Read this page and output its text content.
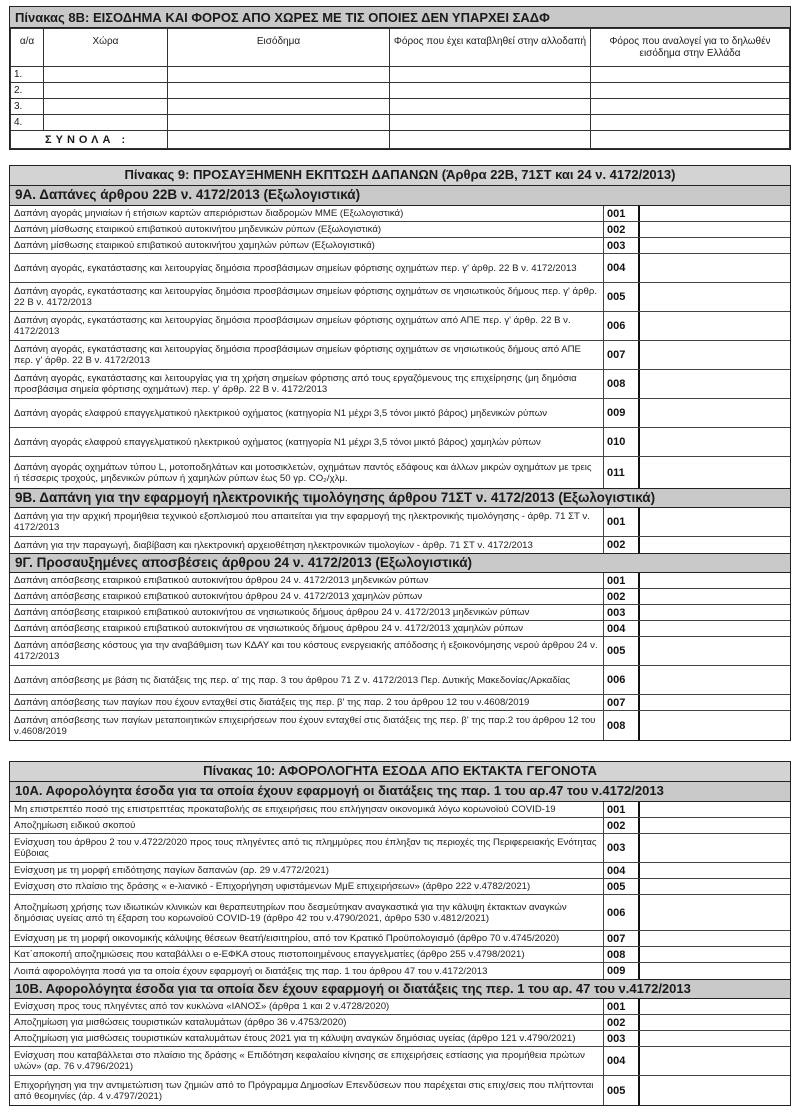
Πίνακας 8Β: ΕΙΣΟΔΗΜΑ ΚΑΙ ΦΟΡΟΣ ΑΠΟ ΧΩΡΕΣ ΜΕ ΤΙΣ ΟΠΟΙΕΣ ΔΕΝ ΥΠΑΡΧΕΙ ΣΑΔΦ
α/α	Χώρα	Εισόδημα	Φόρος που έχει καταβληθεί στην αλλοδαπή	Φόρος που αναλογεί για το δηλωθέν εισόδημα στην Ελλάδα
1.				
2.				
3.				
4.				
ΣΥΝΟΛΑ :				
Πίνακας 9: ΠΡΟΣΑΥΞΗΜΕΝΗ ΕΚΠΤΩΣΗ ΔΑΠΑΝΩΝ (Άρθρα 22Β, 71ΣΤ και 24 ν. 4172/2013)
9Α. Δαπάνες άρθρου 22Β ν. 4172/2013 (Εξωλογιστικά)
Δαπάνη αγοράς μηνιαίων ή ετήσιων καρτών απεριόριστων διαδρομών ΜΜΕ (Εξωλογιστικά)	001
Δαπάνη μίσθωσης εταιρικού επιβατικού αυτοκινήτου μηδενικών ρύπων (Εξωλογιστικά)	002
Δαπάνη μίσθωσης εταιρικού επιβατικού αυτοκινήτου χαμηλών ρύπων (Εξωλογιστικά)	003
Δαπάνη αγοράς, εγκατάστασης και λειτουργίας δημόσια προσβάσιμων σημείων φόρτισης οχημάτων περ. γ' άρθρ. 22 Β ν. 4172/2013	004
Δαπάνη αγοράς, εγκατάστασης και λειτουργίας δημόσια προσβάσιμων σημείων φόρτισης οχημάτων σε νησιωτικούς δήμους περ. γ' άρθρ. 22 Β ν. 4172/2013	005
Δαπάνη αγοράς, εγκατάστασης και λειτουργίας δημόσια προσβάσιμων σημείων φόρτισης οχημάτων από ΑΠΕ περ. γ' άρθρ. 22 Β ν. 4172/2013	006
Δαπάνη αγοράς, εγκατάστασης και λειτουργίας δημόσια προσβάσιμων σημείων φόρτισης οχημάτων σε νησιωτικούς δήμους από ΑΠΕ περ. γ' άρθρ. 22 Β ν. 4172/2013	007
Δαπάνη αγοράς, εγκατάστασης και λειτουργίας για τη χρήση σημείων φόρτισης από τους εργαζόμενους της επιχείρησης (μη δημόσια προσβάσιμα σημεία φόρτισης οχημάτων) περ. γ' άρθρ. 22 Β ν. 4172/2013	008
Δαπάνη αγοράς ελαφρού επαγγελματικού ηλεκτρικού οχήματος (κατηγορία Ν1 μέχρι 3,5 τόνοι μικτό βάρος) μηδενικών ρύπων	009
Δαπάνη αγοράς ελαφρού επαγγελματικού ηλεκτρικού οχήματος (κατηγορία Ν1 μέχρι 3,5 τόνοι μικτό βάρος) χαμηλών ρύπων	010
Δαπάνη αγοράς οχημάτων τύπου L, μοτοποδηλάτων και μοτοσικλετών, οχημάτων παντός εδάφους και άλλων μικρών οχημάτων με τρεις ή τέσσερις τροχούς, μηδενικών ρύπων ή χαμηλών ρύπων έως 50 γρ. CO₂/χλμ.	011
9Β. Δαπάνη για την εφαρμογή ηλεκτρονικής τιμολόγησης άρθρου 71ΣΤ ν. 4172/2013 (Εξωλογιστικά)
Δαπάνη για την αρχική προμήθεια τεχνικού εξοπλισμού που απαιτείται για την εφαρμογή της ηλεκτρονικής τιμολόγησης - άρθρ. 71 ΣΤ ν. 4172/2013	001
Δαπάνη για την παραγωγή, διαβίβαση και ηλεκτρονική αρχειοθέτηση ηλεκτρονικών τιμολογίων - άρθρ. 71 ΣΤ ν. 4172/2013	002
9Γ. Προσαυξημένες αποσβέσεις άρθρου 24 ν. 4172/2013 (Εξωλογιστικά)
Δαπάνη απόσβεσης εταιρικού επιβατικού αυτοκινήτου άρθρου 24 ν. 4172/2013 μηδενικών ρύπων	001
Δαπάνη απόσβεσης εταιρικού επιβατικού αυτοκινήτου άρθρου 24 ν. 4172/2013 χαμηλών ρύπων	002
Δαπάνη απόσβεσης εταιρικού επιβατικού αυτοκινήτου σε νησιωτικούς δήμους άρθρου 24 ν. 4172/2013 μηδενικών ρύπων	003
Δαπάνη απόσβεσης εταιρικού επιβατικού αυτοκινήτου σε νησιωτικούς δήμους άρθρου 24 ν. 4172/2013 χαμηλών ρύπων	004
Δαπάνη απόσβεσης κόστους για την αναβάθμιση των ΚΔΑΥ και του κόστους ενεργειακής απόδοσης ή εξοικονόμησης νερού άρθρου 24 ν. 4172/2013	005
Δαπάνη απόσβεσης με βάση τις διατάξεις της περ. α' της παρ. 3 του άρθρου 71 Ζ ν. 4172/2013 Περ. Δυτικής Μακεδονίας/Αρκαδίας	006
Δαπάνη απόσβεσης των παγίων που έχουν ενταχθεί στις διατάξεις της περ. β' της παρ. 2 του άρθρου 12 του ν.4608/2019	007
Δαπάνη απόσβεσης των παγίων μεταποιητικών επιχειρήσεων που έχουν ενταχθεί στις διατάξεις της περ. β' της παρ.2 του άρθρου 12 του ν.4608/2019	008
Πίνακας 10: ΑΦΟΡΟΛΟΓΗΤΑ ΕΣΟΔΑ ΑΠΟ ΕΚΤΑΚΤΑ ΓΕΓΟΝΟΤΑ
10Α. Αφορολόγητα έσοδα για τα οποία έχουν εφαρμογή οι διατάξεις της παρ. 1 του αρ.47 του ν.4172/2013
Μη επιστρεπτέο ποσό της επιστρεπτέας προκαταβολής σε επιχειρήσεις που επλήγησαν οικονομικά λόγω κορωνοϊού COVID-19	001
Αποζημίωση ειδικού σκοπού	002
Ενίσχυση του άρθρου 2 του ν.4722/2020 προς τους πληγέντες από τις πλημμύρες που έπληξαν τις περιοχές της Περιφερειακής Ενότητας Εύβοιας	003
Ενίσχυση με τη μορφή επιδότησης παγίων δαπανών (αρ. 29 ν.4772/2021)	004
Ενίσχυση στο πλαίσιο της δράσης « e-λιανικό - Επιχορήγηση υφιστάμενων ΜμΕ επιχειρήσεων» (άρθρο 222 ν.4782/2021)	005
Αποζημίωση χρήσης των ιδιωτικών κλινικών και θεραπευτηρίων που δεσμεύτηκαν αναγκαστικά για την κάλυψη έκτακτων αναγκών δημόσιας υγείας από τη έξαρση του κορωνοϊού COVID-19 (άρθρο 42 του ν.4790/2021, άρθρο 530 ν.4812/2021)	006
Ενίσχυση με τη μορφή οικονομικής κάλυψης θέσεων θεατή/εισιτηρίου, από τον Κρατικό Προϋπολογισμό (άρθρο 70 ν.4745/2020)	007
Κατ΄αποκοπή αποζημιώσεις που καταβάλλει ο e-ΕΦΚΑ στους πιστοποιημένους επαγγελματίες (άρθρο 255 ν.4798/2021)	008
Λοιπά αφορολόγητα ποσά για τα οποία έχουν εφαρμογή οι διατάξεις της παρ. 1 του άρθρου 47 του ν.4172/2013	009
10Β. Αφορολόγητα έσοδα για τα οποία δεν έχουν εφαρμογή οι διατάξεις της περ. 1 του αρ. 47 του ν.4172/2013
Ενίσχυση προς τους πληγέντες από τον κυκλώνα «ΙΑΝΟΣ» (άρθρα 1 και 2 ν.4728/2020)	001
Αποζημίωση για μισθώσεις τουριστικών καταλυμάτων (άρθρο 36 ν.4753/2020)	002
Αποζημίωση για μισθώσεις τουριστικών καταλυμάτων έτους 2021 για τη κάλυψη αναγκών δημόσιας υγείας (άρθρο 121 ν.4790/2021)	003
Ενίσχυση που καταβάλλεται στο πλαίσιο της δράσης « Επιδότηση κεφαλαίου κίνησης σε επιχειρήσεις εστίασης για προμήθεια πρώτων υλών» (αρ. 76 ν.4796/2021)	004
Επιχορήγηση για την αντιμετώπιση των ζημιών από το Πρόγραμμα Δημοσίων Επενδύσεων που παρέχεται στις επιχ/σεις που πλήττονται από θεομηνίες (άρ. 4 ν.4797/2021)	005
